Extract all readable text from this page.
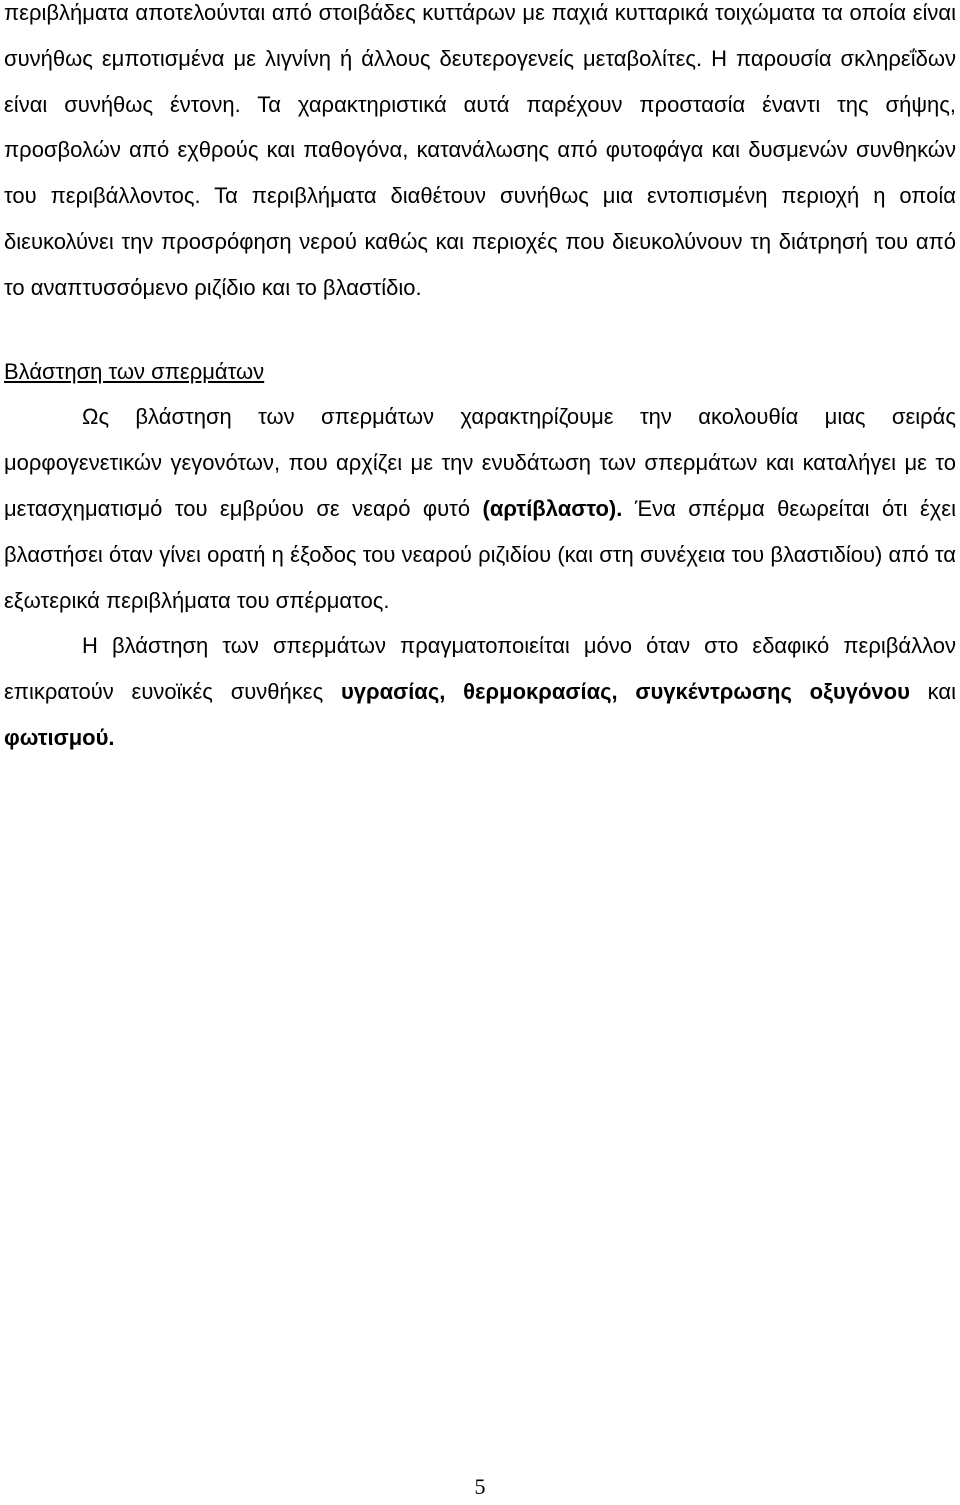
περιβλήματα αποτελούνται από στοιβάδες κυττάρων με παχιά κυτταρικά τοιχώματα τα οποία είναι συνήθως εμποτισμένα με λιγνίνη ή άλλους δευτερογενείς μεταβολίτες. Η παρουσία σκληρεΐδων είναι συνήθως έντονη. Τα χαρακτηριστικά αυτά παρέχουν προστασία έναντι της σήψης, προσβολών από εχθρούς και παθογόνα, κατανάλωσης από φυτοφάγα και δυσμενών συνθηκών του περιβάλλοντος. Τα περιβλήματα διαθέτουν συνήθως μια εντοπισμένη περιοχή η οποία διευκολύνει την προσρόφηση νερού καθώς και περιοχές που διευκολύνουν τη διάτρησή του από το αναπτυσσόμενο ριζίδιο και το βλαστίδιο.

Βλάστηση των σπερμάτων

Ως βλάστηση των σπερμάτων χαρακτηρίζουμε την ακολουθία μιας σειράς μορφογενετικών γεγονότων, που αρχίζει με την ενυδάτωση των σπερμάτων και καταλήγει με το μετασχηματισμό του εμβρύου σε νεαρό φυτό (αρτίβλαστο). Ένα σπέρμα θεωρείται ότι έχει βλαστήσει όταν γίνει ορατή η έξοδος του νεαρού ριζιδίου (και στη συνέχεια του βλαστιδίου) από τα εξωτερικά περιβλήματα του σπέρματος.

Η βλάστηση των σπερμάτων πραγματοποιείται μόνο όταν στο εδαφικό περιβάλλον επικρατούν ευνοϊκές συνθήκες υγρασίας, θερμοκρασίας, συγκέντρωσης οξυγόνου και φωτισμού.

5
